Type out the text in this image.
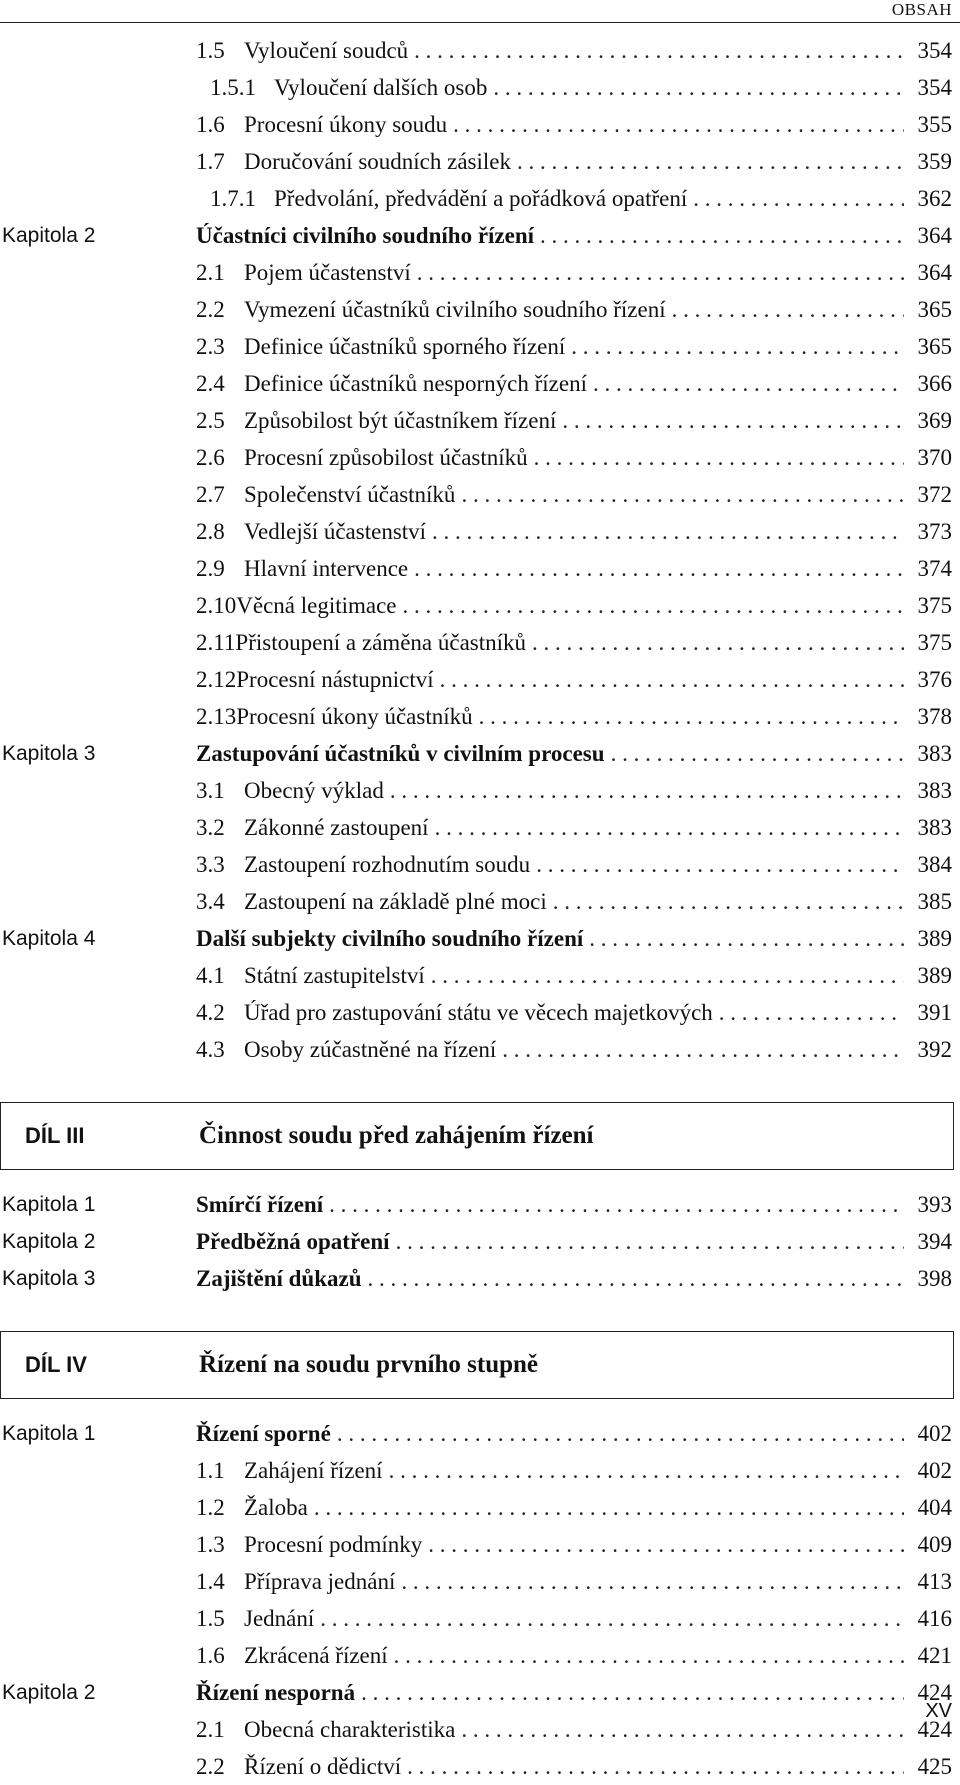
OBSAH
1.5 Vyloučení soudců . . .	354
1.5.1 Vyloučení dalších osob . . .	354
1.6 Procesní úkony soudu . . .	355
1.7 Doručování soudních zásilek . . .	359
1.7.1 Předvolání, předvádění a pořádková opatření . . .	362
Kapitola 2	Účastníci civilního soudního řízení . . .	364
2.1 Pojem účastenství . . .	364
2.2 Vymezení účastníků civilního soudního řízení . . .	365
2.3 Definice účastníků sporného řízení . . .	365
2.4 Definice účastníků nesporných řízení . . .	366
2.5 Způsobilost být účastníkem řízení . . .	369
2.6 Procesní způsobilost účastníků . . .	370
2.7 Společenství účastníků . . .	372
2.8 Vedlejší účastenství . . .	373
2.9 Hlavní intervence . . .	374
2.10 Věcná legitimace . . .	375
2.11 Přistoupení a záměna účastníků . . .	375
2.12 Procesní nástupnictví . . .	376
2.13 Procesní úkony účastníků . . .	378
Kapitola 3	Zastupování účastníků v civilním procesu . . .	383
3.1 Obecný výklad . . .	383
3.2 Zákonné zastoupení . . .	383
3.3 Zastoupení rozhodnutím soudu . . .	384
3.4 Zastoupení na základě plné moci . . .	385
Kapitola 4	Další subjekty civilního soudního řízení . . .	389
4.1 Státní zastupitelství . . .	389
4.2 Úřad pro zastupování státu ve věcech majetkových . . .	391
4.3 Osoby zúčastněné na řízení . . .	392
DÍL III	Činnost soudu před zahájením řízení
Kapitola 1	Smírčí řízení . . .	393
Kapitola 2	Předběžná opatření . . .	394
Kapitola 3	Zajištění důkazů . . .	398
DÍL IV	Řízení na soudu prvního stupně
Kapitola 1	Řízení sporné . . .	402
1.1 Zahájení řízení . . .	402
1.2 Žaloba . . .	404
1.3 Procesní podmínky . . .	409
1.4 Příprava jednání . . .	413
1.5 Jednání . . .	416
1.6 Zkrácená řízení . . .	421
Kapitola 2	Řízení nesporná . . .	424
2.1 Obecná charakteristika . . .	424
2.2 Řízení o dědictví . . .	425
XV
